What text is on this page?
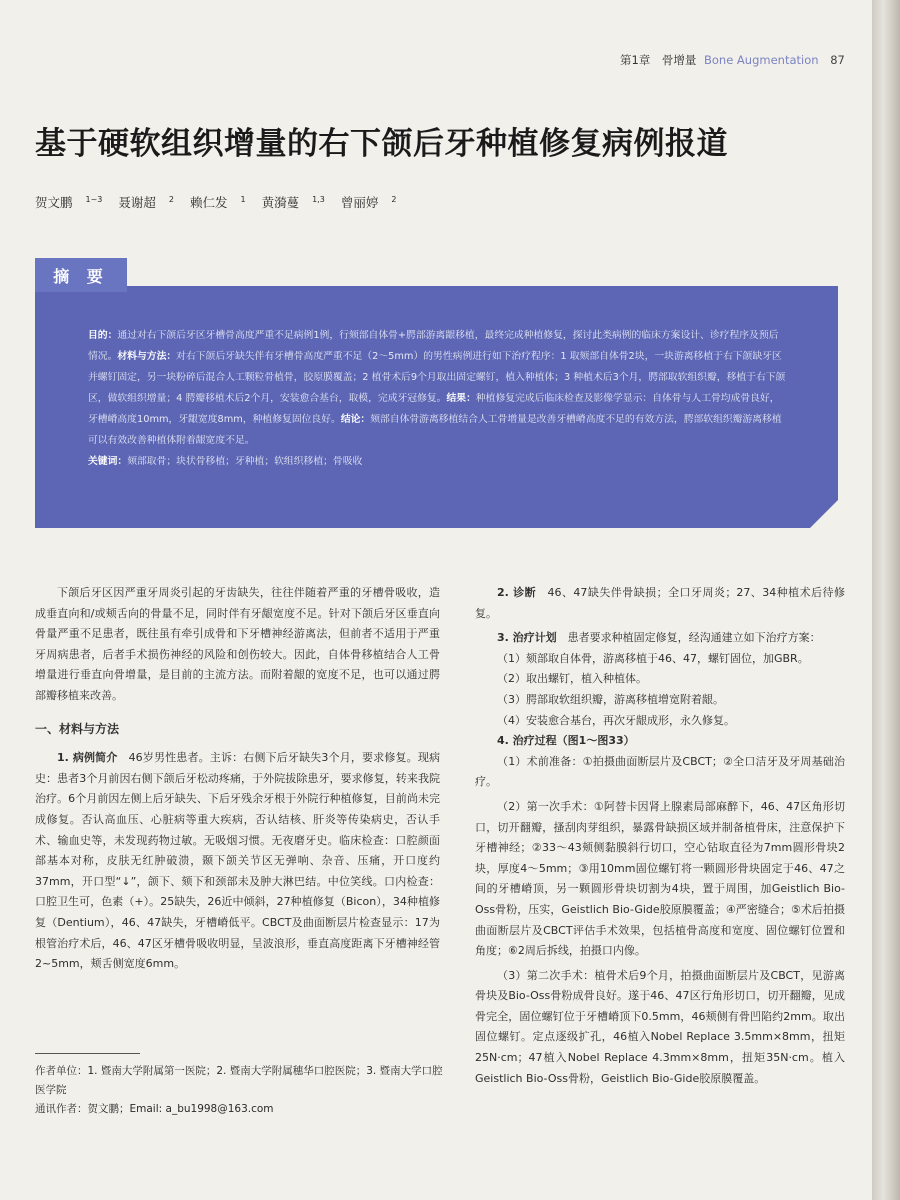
第1章　骨增量 Bone Augmentation 87
基于硬软组织增量的右下颌后牙种植修复病例报道
贺文鹏 $^{1\sim 3}$ 聂谢超 $^2$ 赖仁发 $^1$ 黄漪蔓 $^{1,3}$ 曾丽婷 $^2$
摘 要
目的：通过对右下颌后牙区牙槽骨高度严重不足病例1例，行颏部自体骨+腭部游离龈移植，最终完成种植修复，探讨此类病例的临床方案设计、诊疗程序及预后情况。材料与方法：对右下颌后牙缺失伴有牙槽骨高度严重不足（2～5mm）的男性病例进行如下治疗程序：1 取颏部自体骨2块，一块游离移植于右下颌缺牙区并螺钉固定，另一块粉碎后混合人工颗粒骨植骨，胶原膜覆盖；2 植骨术后9个月取出固定螺钉，植入种植体；3 种植术后3个月，腭部取软组织瓣，移植于右下颌区，做软组织增量；4 腭瓣移植术后2个月，安装愈合基台，取模，完成牙冠修复。结果：种植修复完成后临床检查及影像学显示：自体骨与人工骨均成骨良好，牙槽嵴高度10mm，牙龈宽度8mm，种植修复固位良好。结论：颏部自体骨游离移植结合人工骨增量是改善牙槽嵴高度不足的有效方法，腭部软组织瓣游离移植可以有效改善种植体附着龈宽度不足。
关键词：颏部取骨；块状骨移植；牙种植；软组织移植；骨吸收

下颌后牙区因严重牙周炎引起的牙齿缺失，往往伴随着严重的牙槽骨吸收，造成垂直向和/或颊舌向的骨量不足，同时伴有牙龈宽度不足。针对下颌后牙区垂直向骨量严重不足患者，既往虽有牵引成骨和下牙槽神经游离法，但前者不适用于严重牙周病患者，后者手术损伤神经的风险和创伤较大。因此，自体骨移植结合人工骨增量进行垂直向骨增量，是目前的主流方法。而附着龈的宽度不足，也可以通过腭部瓣移植来改善。

一、材料与方法

1. 病例简介　 46岁男性患者。主诉：右侧下后牙缺失3个月，要求修复。现病史：患者3个月前因右侧下颌后牙松动疼痛，于外院拔除患牙，要求修复，转来我院治疗。6个月前因左侧上后牙缺失、下后牙残余牙根于外院行种植修复，目前尚未完成修复。否认高血压、心脏病等重大疾病，否认结核、肝炎等传染病史，否认手术、输血史等，未发现药物过敏。无吸烟习惯。无夜磨牙史。临床检查：口腔颜面部基本对称，皮肤无红肿破溃，颞下颌关节区无弹响、杂音、压痛，开口度约37mm，开口型“↓”，颌下、颏下和颈部未及肿大淋巴结。中位笑线。口内检查：口腔卫生可，色素（+）。25缺失，26近中倾斜，27种植修复（Bicon），34种植修复（Dentium），46、47缺失，牙槽嵴低平。CBCT及曲面断层片检查显示：17为根管治疗术后，46、47区牙槽骨吸收明显，呈波浪形，垂直高度距离下牙槽神经管2~5mm，颊舌侧宽度6mm。

2. 诊断　 46、47缺失伴骨缺损；全口牙周炎；27、34种植术后待修复。

3. 治疗计划　 患者要求种植固定修复，经沟通建立如下治疗方案：

（1）颏部取自体骨，游离移植于46、47，螺钉固位，加GBR。

（2）取出螺钉，植入种植体。

（3）腭部取软组织瓣，游离移植增宽附着龈。

（4）安装愈合基台，再次牙龈成形，永久修复。

4. 治疗过程（图1～图33）

（1）术前准备：①拍摄曲面断层片及CBCT；②全口洁牙及牙周基础治疗。

（2）第一次手术：①阿替卡因肾上腺素局部麻醉下，46、47区角形切口，切开翻瓣，搔刮肉芽组织，暴露骨缺损区域并制备植骨床，注意保护下牙槽神经；②33～43颊侧黏膜斜行切口，空心钻取直径为7mm圆形骨块2块，厚度4～5mm；③用10mm固位螺钉将一颗圆形骨块固定于46、47之间的牙槽嵴顶，另一颗圆形骨块切割为4块，置于周围，加Geistlich Bio-Oss骨粉，压实，Geistlich Bio-Gide胶原膜覆盖；④严密缝合；⑤术后拍摄曲面断层片及CBCT评估手术效果，包括植骨高度和宽度、固位螺钉位置和角度；⑥2周后拆线，拍摄口内像。

（3）第二次手术：植骨术后9个月，拍摄曲面断层片及CBCT，见游离骨块及Bio-Oss骨粉成骨良好。遂于46、47区行角形切口，切开翻瓣，见成骨完全，固位螺钉位于牙槽嵴顶下0.5mm，46颊侧有骨凹陷约2mm。取出固位螺钉。定点逐级扩孔，46植入Nobel Replace 3.5mm×8mm，扭矩25N·cm；47植入Nobel Replace 4.3mm×8mm，扭矩35N·cm。植入Geistlich Bio-Oss骨粉，Geistlich Bio-Gide胶原膜覆盖。

作者单位：1. 暨南大学附属第一医院；2. 暨南大学附属穗华口腔医院；3. 暨南大学口腔医学院
通讯作者：贺文鹏；Email: a_bu1998@163.com
